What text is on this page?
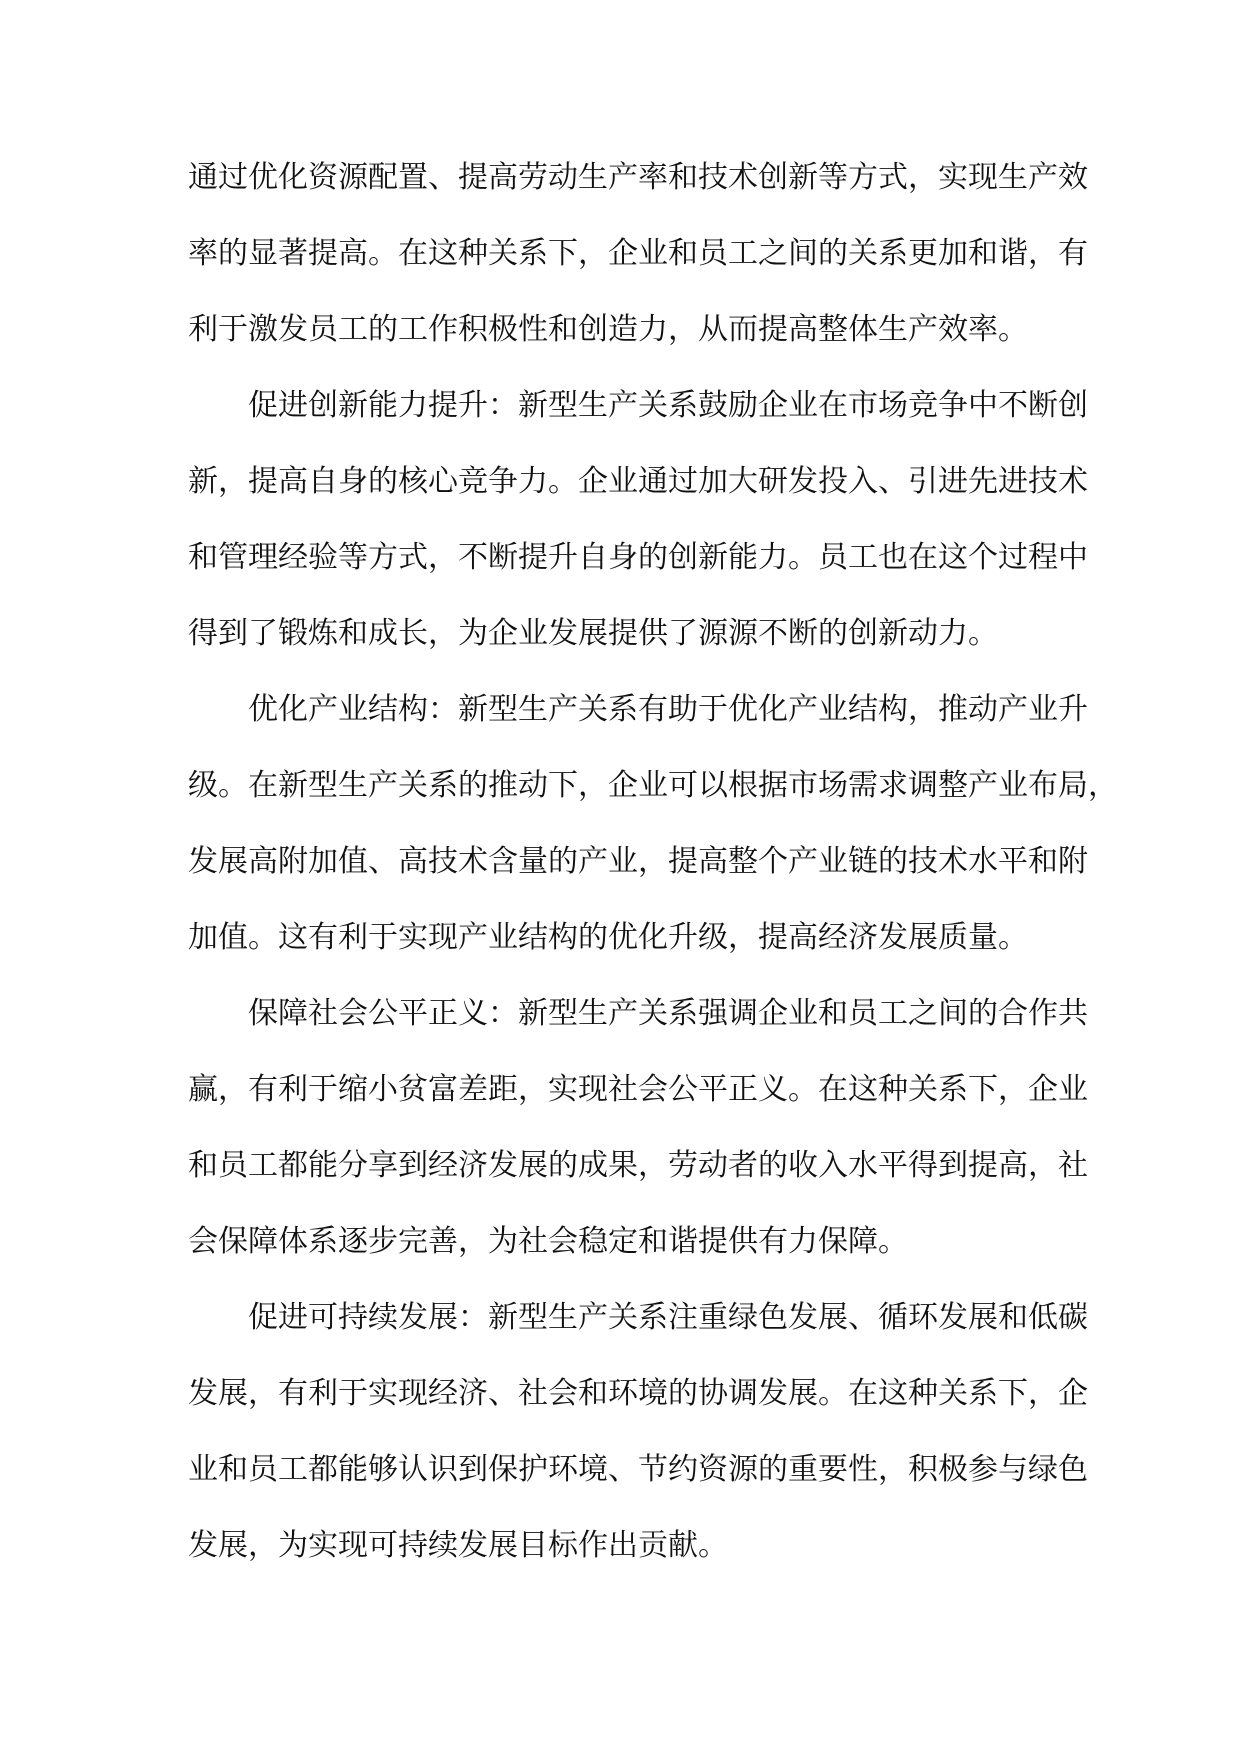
通过优化资源配置、提高劳动生产率和技术创新等方式，实现生产效
率的显著提高。在这种关系下，企业和员工之间的关系更加和谐，有
利于激发员工的工作积极性和创造力，从而提高整体生产效率。
促进创新能力提升：新型生产关系鼓励企业在市场竞争中不断创
新，提高自身的核心竞争力。企业通过加大研发投入、引进先进技术
和管理经验等方式，不断提升自身的创新能力。员工也在这个过程中
得到了锻炼和成长，为企业发展提供了源源不断的创新动力。
优化产业结构：新型生产关系有助于优化产业结构，推动产业升
级。在新型生产关系的推动下，企业可以根据市场需求调整产业布局，
发展高附加值、高技术含量的产业，提高整个产业链的技术水平和附
加值。这有利于实现产业结构的优化升级，提高经济发展质量。
保障社会公平正义：新型生产关系强调企业和员工之间的合作共
赢，有利于缩小贫富差距，实现社会公平正义。在这种关系下，企业
和员工都能分享到经济发展的成果，劳动者的收入水平得到提高，社
会保障体系逐步完善，为社会稳定和谐提供有力保障。
促进可持续发展：新型生产关系注重绿色发展、循环发展和低碳
发展，有利于实现经济、社会和环境的协调发展。在这种关系下，企
业和员工都能够认识到保护环境、节约资源的重要性，积极参与绿色
发展，为实现可持续发展目标作出贡献。
